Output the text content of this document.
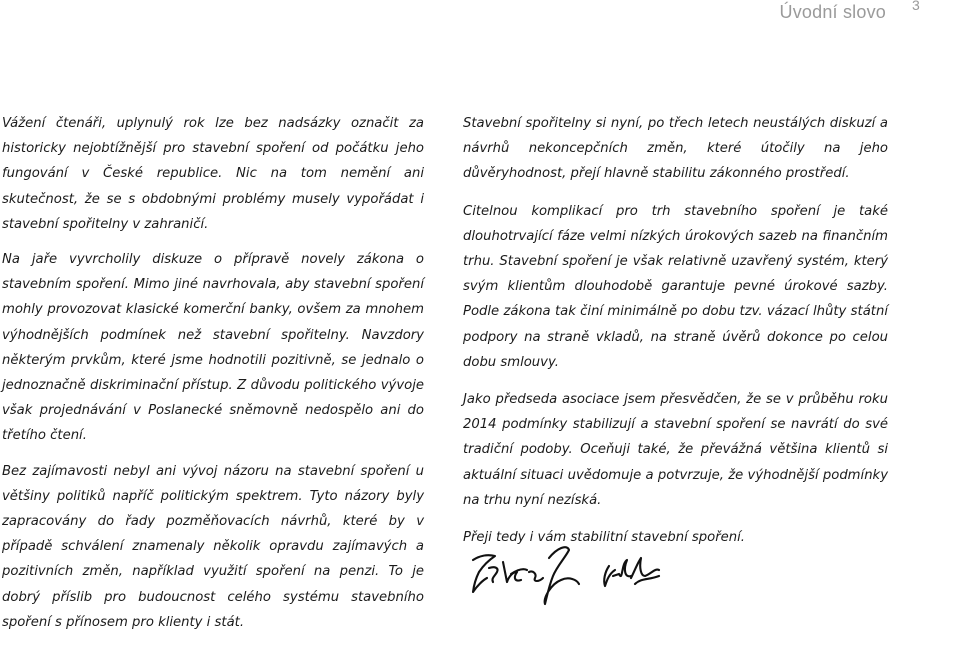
Úvodní slovo 3

Vážení čtenáři, uplynulý rok lze bez nadsázky označit za historicky nejobtížnější pro stavební spoření od počátku jeho fungování v České republice. Nic na tom nemění ani skutečnost, že se s obdobnými problémy musely vypořádat i stavební spořitelny v zahraničí.

Na jaře vyvrcholily diskuze o přípravě novely zákona o stavebním spoření. Mimo jiné navrhovala, aby stavební spoření mohly provozovat klasické komerční banky, ovšem za mnohem výhodnějších podmínek než stavební spořitelny. Navzdory některým prvkům, které jsme hodnotili pozitivně, se jednalo o jednoznačně diskriminační přístup. Z důvodu politického vývoje však projednávání v Poslanecké sněmovně nedospělo ani do třetího čtení.

Bez zajímavosti nebyl ani vývoj názoru na stavební spoření u většiny politiků napříč politickým spektrem. Tyto názory byly zapracovány do řady pozměňovacích návrhů, které by v případě schválení znamenaly několik opravdu zajímavých a pozitivních změn, například využití spoření na penzi. To je dobrý příslib pro budoucnost celého systému stavebního spoření s přínosem pro klienty i stát.

Stavební spořitelny si nyní, po třech letech neustálých diskuzí a návrhů nekoncepčních změn, které útočily na jeho důvěryhodnost, přejí hlavně stabilitu zákonného prostředí.

Citelnou komplikací pro trh stavebního spoření je také dlouhotrvající fáze velmi nízkých úrokových sazeb na finančním trhu. Stavební spoření je však relativně uzavřený systém, který svým klientům dlouhodobě garantuje pevné úrokové sazby. Podle zákona tak činí minimálně po dobu tzv. vázací lhůty státní podpory na straně vkladů, na straně úvěrů dokonce po celou dobu smlouvy.

Jako předseda asociace jsem přesvědčen, že se v průběhu roku 2014 podmínky stabilizují a stavební spoření se navrátí do své tradiční podoby. Oceňuji také, že převážná většina klientů si aktuální situaci uvědomuje a potvrzuje, že výhodnější podmínky na trhu nyní nezíská.

Přeji tedy i vám stabilitní stavební spoření.
